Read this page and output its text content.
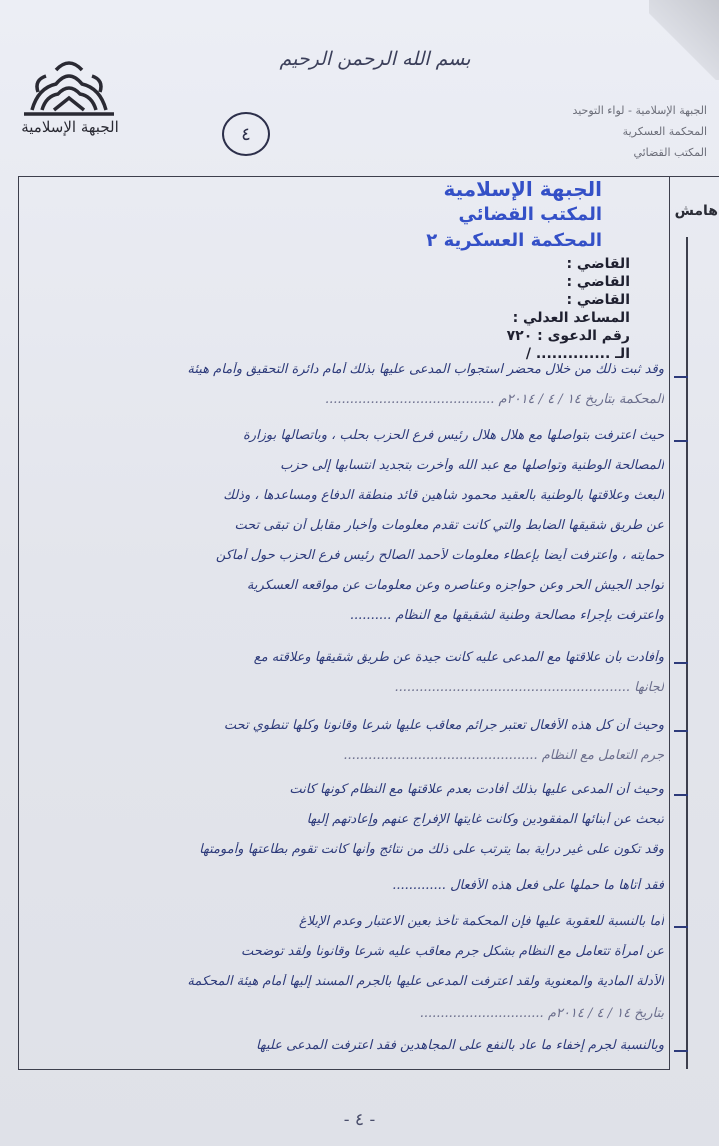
الجبهة الإسلامية
بسم الله الرحمن الرحيم
٤
الجبهة الإسلامية - لواء التوحيد
المحكمة العسكرية
المكتب القضائي
هامش
الجبهة الإسلامية
المكتب القضائي
المحكمة العسكرية ٢
القاضي :
القاضي :
القاضي :
المساعد العدلي :
رقم الدعوى : ٧٢٠
الـ .............. /
وقد ثبت ذلك من خلال محضر استجواب المدعى عليها بذلك أمام دائرة التحقيق وأمام هيئة
المحكمة بتاريخ ١٤ / ٤ / ٢٠١٤م .........................................
حيث اعترفت بتواصلها مع هلال هلال رئيس فرع الحزب بحلب ، وباتصالها بوزارة
المصالحة الوطنية وتواصلها مع عبد الله وأخرت بتجديد انتسابها إلى حزب
البعث وعلاقتها بالوطنية بالعقيد محمود شاهين قائد منطقة الدفاع ومساعدها ، وذلك
عن طريق شقيقها الضابط والتي كانت تقدم معلومات وأخبار مقابل أن تبقى تحت
حمايته ، واعترفت أيضا بإعطاء معلومات لأحمد الصالح رئيس فرع الحزب حول أماكن
تواجد الجيش الحر وعن حواجزه وعناصره وعن معلومات عن مواقعه العسكرية
واعترفت بإجراء مصالحة وطنية لشقيقها مع النظام ..........
وأفادت بأن علاقتها مع المدعى عليه كانت جيدة عن طريق شقيقها وعلاقته مع
لجانها .........................................................
وحيث أن كل هذه الأفعال تعتبر جرائم معاقب عليها شرعا وقانونا وكلها تنطوي تحت
جرم التعامل مع النظام ...............................................
وحيث أن المدعى عليها بذلك أفادت بعدم علاقتها مع النظام كونها كانت
تبحث عن أبنائها المفقودين وكانت غايتها الإفراج عنهم وإعادتهم إليها
وقد تكون على غير دراية بما يترتب على ذلك من نتائج وأنها كانت تقوم بطاعتها وأمومتها
فقد أتاها ما حملها على فعل هذه الأفعال .............
أما بالنسبة للعقوبة عليها فإن المحكمة تأخذ بعين الاعتبار وعدم الإبلاغ
عن امرأة تتعامل مع النظام بشكل جرم معاقب عليه شرعا وقانونا ولقد توضحت
الأدلة المادية والمعنوية ولقد اعترفت المدعى عليها بالجرم المسند إليها أمام هيئة المحكمة
بتاريخ ١٤ / ٤ / ٢٠١٤م ..............................
وبالنسبة لجرم إخفاء ما عاد بالنفع على المجاهدين فقد اعترفت المدعى عليها
- ٤ -
